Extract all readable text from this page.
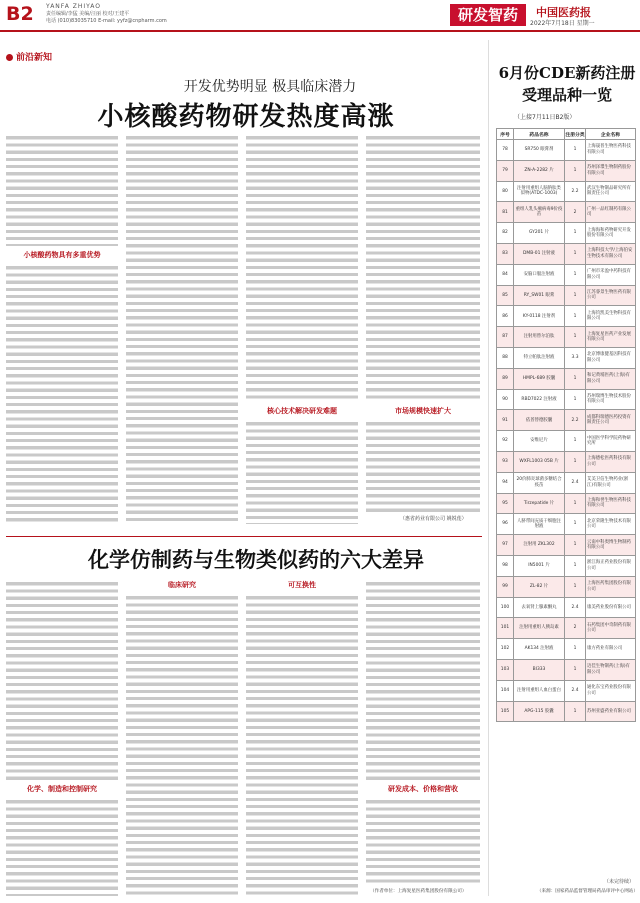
B2 YANFA ZHIYAO
责任编辑/李猛 美编/汪丽 校对/王建平
电话 (010)83035710 E-mail: yyfz@cnpharm.com	研发智药	中国医药报
2022年7月18日 星期一
前沿新知
开发优势明显 极具临床潜力
小核酸药物研发热度高涨
小核酸药物具有多重优势
核心技术解决研发难题	市场规模快速扩大
（惠省药业有限公司 姚锐莲）
6月份CDE新药注册
受理品种一览
（上接7月11日B2版）
序号	药品名称	注册分类	企业名称
78	SR750 眼膏剂	1	上海晟普生物医药科技有限公司
79	ZN-A-2282 片	1	苏州泽璟生物制药股份有限公司
80	注射用重组人脑钠肽类似物(ATDC-1003)	2.2	武汉生物制品研究所有限责任公司
81	重组人乳头瘤病毒9价疫苗	2	广州一品红制药有限公司
82	GY201 片	1	上海海和药物研究开发股份有限公司
83	DMB-01 注射液	1	上海科技大学/上海伯安生物技术有限公司
84	安脑口服注射液	1	广州市禾盈中药科技有限公司
85	RY_SW01 眼膏	1	江苏睿景生物医药有限公司
86	KY-0118 注射剂	1	上海钧凯美生物科技有限公司
87	注射用替尔泊肽	1	上海复星医药产业发展有限公司
88	特立帕肽注射液	3.3	北京博康健基因科技有限公司
89	HMPL-689 胶囊	1	和记黄埔医药(上海)有限公司
90	RBD7022 注射液	1	苏州瑞博生物技术股份有限公司
91	依普替德胶囊	2.2	成都科瑞德医药投资有限责任公司
92	安维尼片	1	中国医学科学院药物研究所
93	WXFL1003 05B 片	1	上海德松医药科技有限公司
94	20价肺炎球菌多糖结合疫苗	2.4	艾美卫信生物药业(浙江)有限公司
95	Tirzepatide 片	1	上海和誉生物医药科技有限公司
96	人脐带间充质干细胞注射液	1	北京荣隆生物技术有限公司
97	注射用 ZKL302	1	云南中科奥博生物制药有限公司
98	IN5001 片	1	浙江海正药业股份有限公司
99	ZL-82 片	1	上海医药集团股份有限公司
100	去氧肾上腺素酮丸	2.4	康美药业股份有限公司
101	注射用重组人胰岛素	2	石药集团中奇制药有限公司
102	AK134 注射液	1	康方药业有限公司
103	BI333	1	迈佳生物制药(上海)有限公司
104	注射用重组人血白蛋白	2.4	通化东宝药业股份有限公司
105	APG-115 胶囊	1	苏州亚盛药业有限公司
化学仿制药与生物类似药的六大差异
化学、制造和控制研究
临床研究	可互换性
研发成本、价格和营收
（作者单位：上海复星医药集团股份有限公司）
（未完待续）
（来源：国家药品监督管理局药品审评中心网站）
